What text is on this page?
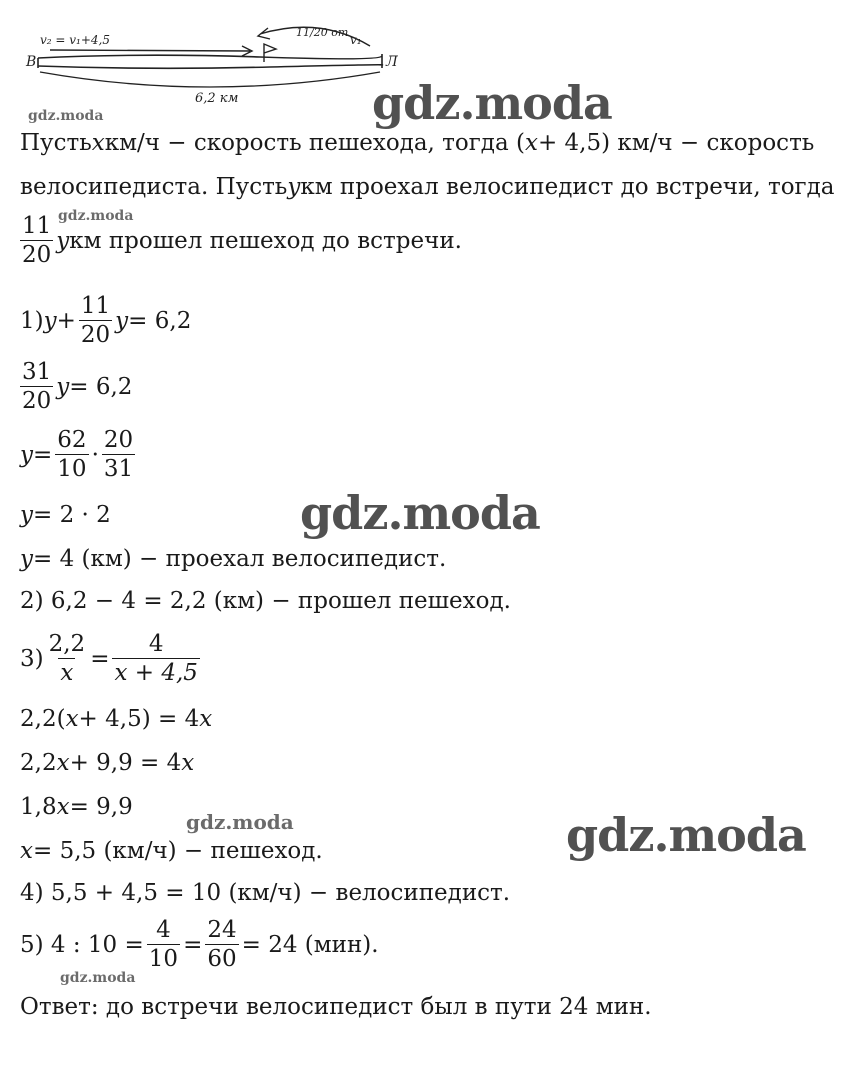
B	Л
v₂ = v₁+4,5	v₁
11/20 от
6,2 км
gdz.moda	gdz.moda
gdz.moda
gdz.moda
gdz.moda	gdz.moda
gdz.moda
Пусть x км/ч − скорость пешехода, тогда ( x + 4,5) км/ч − скорость
велосипедиста. Пусть y км проехал велосипедист до встречи, тогда
$\frac{11}{20}$ y км прошел пешеход до встречи.
1) $y + \frac{11}{20}$ y = 6,2
$\frac{31}{20}$ y = 6,2
$y = \frac{62}{10} \cdot \frac{20}{31}$
y = 2 · 2
y = 4 (км) − проехал велосипедист.
2) 6,2 − 4 = 2,2 (км) − прошел пешеход.
$3) \frac{2,2}{x} = \frac{4}{x + 4,5}$
2,2( x + 4,5) = 4 x
2,2 x + 9,9 = 4 x
1,8 x = 9,9
x = 5,5 (км/ч) − пешеход.
4) 5,5 + 4,5 = 10 (км/ч) − велосипедист.
5) 4 : $10 = \frac{4}{10} = \frac{24}{60} = 24$ (мин).
Ответ: до встречи велосипедист был в пути 24 мин.
